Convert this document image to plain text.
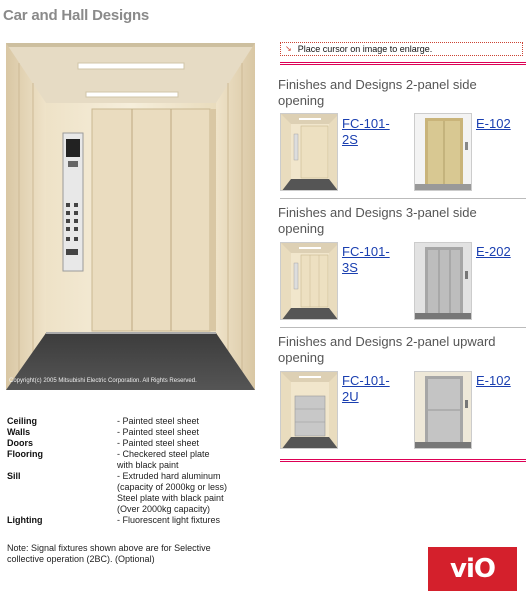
Car and Hall Designs
Copyright(c) 2005 Mitsubishi Electric Corporation. All Rights Reserved.
Ceiling	- Painted steel sheet
Walls	- Painted steel sheet
Doors	- Painted steel sheet
Flooring	- Checkered steel plate
with black paint
Sill	- Extruded hard aluminum
(capacity of 2000kg or less)
Steel plate with black paint
(Over 2000kg capacity)
Lighting	- Fluorescent light fixtures
Note: Signal fixtures shown above are for Selective
collective operation (2BC). (Optional)
↘ Place cursor on image to enlarge.
Finishes and Designs 2-panel side opening
FC-101-
2S
E-102
Finishes and Designs 3-panel side opening
FC-101-
3S
E-202
Finishes and Designs 2-panel upward opening
FC-101-
2U
E-102
viO
